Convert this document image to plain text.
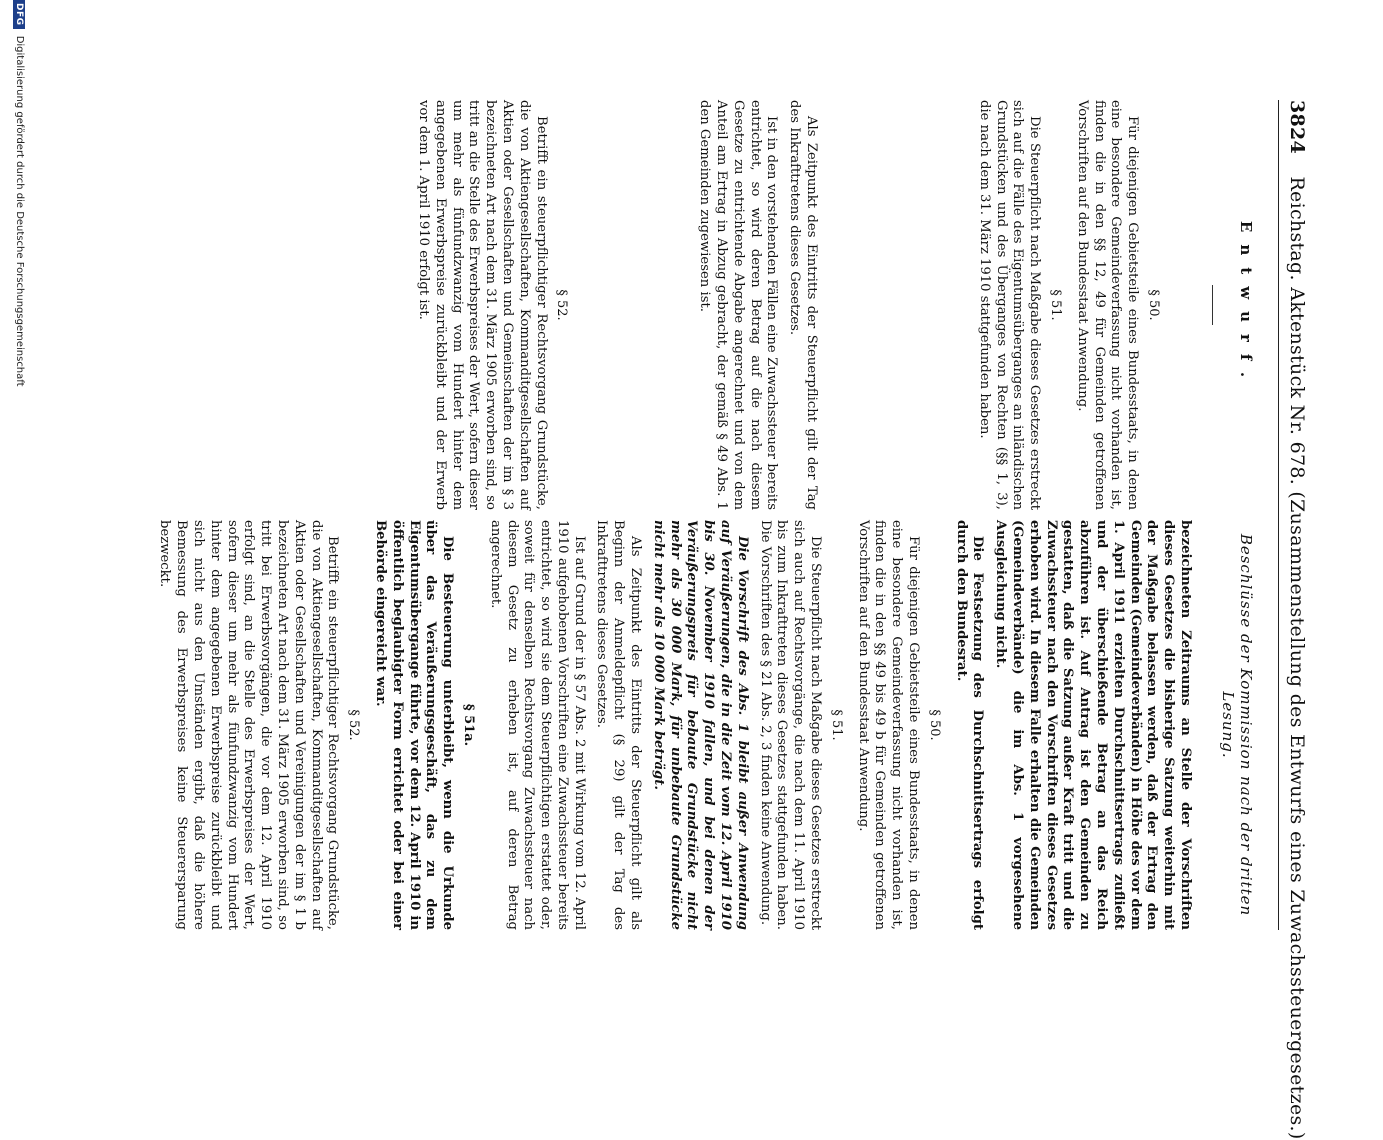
3824 Reichstag. Aktenstück Nr. 678. (Zusammenstellung des Entwurfs eines Zuwachssteuergesetzes.)
Entwurf.
Beschlüsse der Kommission nach der dritten Lesung.
§ 50.

Für diejenigen Gebietsteile eines Bundesstaats, in denen eine besondere Gemeindeverfassung nicht vorhanden ist, finden die in den §§ 12, 49 für Gemeinden getroffenen Vorschriften auf den Bundesstaat Anwendung.

§ 51.

Die Steuerpflicht nach Maßgabe dieses Gesetzes erstreckt sich auf die Fälle des Eigentumsüberganges an inländischen Grundstücken und des Überganges von Rechten (§§ 1, 3), die nach dem 31. März 1910 stattgefunden haben.

Als Zeitpunkt des Eintritts der Steuerpflicht gilt der Tag des Inkrafttretens dieses Gesetzes.

Ist in den vorstehenden Fällen eine Zuwachssteuer bereits entrichtet, so wird deren Betrag auf die nach diesem Gesetze zu entrichtende Abgabe angerechnet und von dem Anteil am Ertrag in Abzug gebracht, der gemäß § 49 Abs. 1 den Gemeinden zugewiesen ist.

§ 52.

Betrifft ein steuerpflichtiger Rechtsvorgang Grundstücke, die von Aktiengesellschaften, Kommanditgesellschaften auf Aktien oder Gesellschaften und Gemeinschaften der im § 3 bezeichneten Art nach dem 31. März 1905 erworben sind, so tritt an die Stelle des Erwerbspreises der Wert, sofern dieser um mehr als fünfundzwanzig vom Hundert hinter dem angegebenen Erwerbspreise zurückbleibt und der Erwerb vor dem 1. April 1910 erfolgt ist.

bezeichneten Zeitraums an Stelle der Vorschriften dieses Gesetzes die bisherige Satzung weiterhin mit der Maßgabe belassen werden, daß der Ertrag den Gemeinden (Gemeindeverbänden) in Höhe des vor dem 1. April 1911 erzielten Durchschnittsertrags zufließt und der überschießende Betrag an das Reich abzuführen ist. Auf Antrag ist den Gemeinden zu gestatten, daß die Satzung außer Kraft tritt und die Zuwachssteuer nach den Vorschriften dieses Gesetzes erhoben wird. In diesem Falle erhalten die Gemeinden (Gemeindeverbände) die im Abs. 1 vorgesehene Ausgleichung nicht.

Die Festsetzung des Durchschnittsertrags erfolgt durch den Bundesrat.

§ 50.

Für diejenigen Gebietsteile eines Bundesstaats, in denen eine besondere Gemeindeverfassung nicht vorhanden ist, finden die in den §§ 49 bis 49 b für Gemeinden getroffenen Vorschriften auf den Bundesstaat Anwendung.

§ 51.

Die Steuerpflicht nach Maßgabe dieses Gesetzes erstreckt sich auch auf Rechtsvorgänge, die nach dem 11. April 1910 bis zum Inkrafttreten dieses Gesetzes stattgefunden haben. Die Vorschriften des § 21 Abs. 2, 3 finden keine Anwendung.

Die Vorschrift des Abs. 1 bleibt außer Anwendung auf Veräußerungen, die in die Zeit vom 12. April 1910 bis 30. November 1910 fallen, und bei denen der Veräußerungspreis für bebaute Grundstücke nicht mehr als 30 000 Mark, für unbebaute Grundstücke nicht mehr als 10 000 Mark beträgt.

Als Zeitpunkt des Eintritts der Steuerpflicht gilt als Beginn der Anmeldepflicht (§ 29) gilt der Tag des Inkrafttretens dieses Gesetzes.

Ist auf Grund der in § 57 Abs. 2 mit Wirkung vom 12. April 1910 aufgehobenen Vorschriften eine Zuwachssteuer bereits entrichtet, so wird sie dem Steuerpflichtigen erstattet oder, soweit für denselben Rechtsvorgang Zuwachssteuer nach diesem Gesetz zu erheben ist, auf deren Betrag angerechnet.

§ 51a.

Die Besteuerung unterbleibt, wenn die Urkunde über das Veräußerungsgeschäft, das zu dem Eigentumsübergange führte, vor dem 12. April 1910 in öffentlich beglaubigter Form errichtet oder bei einer Behörde eingereicht war.

§ 52.

Betrifft ein steuerpflichtiger Rechtsvorgang Grundstücke, die von Aktiengesellschaften, Kommanditgesellschaften auf Aktien oder Gesellschaften und Vereinigungen der im § 1 b bezeichneten Art nach dem 31. März 1905 erworben sind, so tritt bei Erwerbsvorgängen, die vor dem 12. April 1910 erfolgt sind, an die Stelle des Erwerbspreises der Wert, sofern dieser um mehr als fünfundzwanzig vom Hundert hinter dem angegebenen Erwerbspreise zurückbleibt und sich nicht aus den Umständen ergibt, daß die höhere Bemessung des Erwerbspreises keine Steuerersparung bezweckt.

DFG Digitalisierung gefördert durch die Deutsche Forschungsgemeinschaft
